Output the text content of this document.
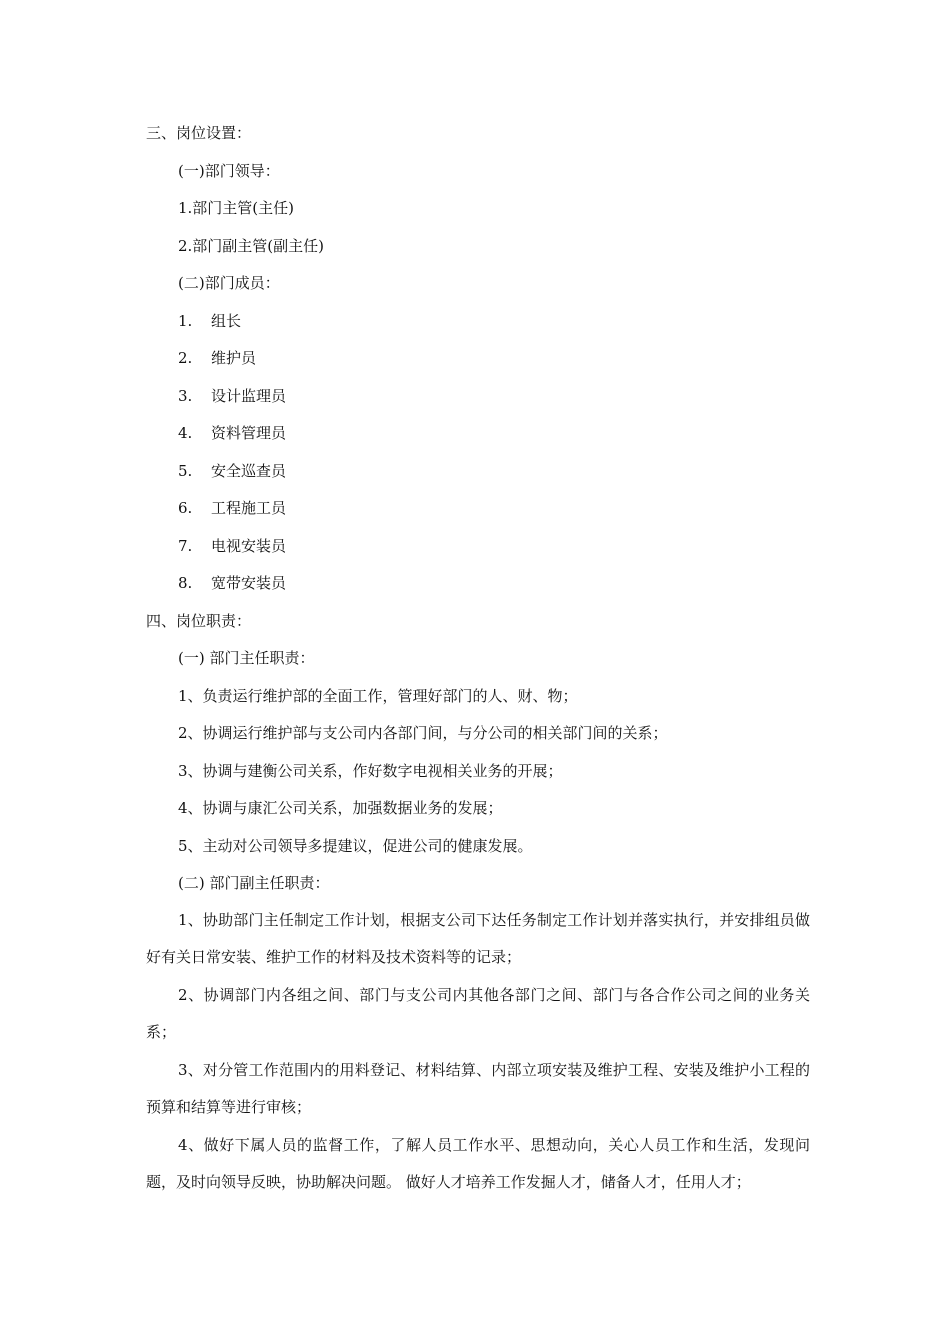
三、岗位设置：
(一)部门领导：
1.部门主管(主任)
2.部门副主管(副主任)
(二)部门成员：
1. 组长
2. 维护员
3. 设计监理员
4. 资料管理员
5. 安全巡查员
6. 工程施工员
7. 电视安装员
8. 宽带安装员
四、岗位职责：
(一) 部门主任职责：
1、负责运行维护部的全面工作，管理好部门的人、财、物；
2、协调运行维护部与支公司内各部门间，与分公司的相关部门间的关系；
3、协调与建衡公司关系，作好数字电视相关业务的开展；
4、协调与康汇公司关系，加强数据业务的发展；
5、主动对公司领导多提建议，促进公司的健康发展。
(二) 部门副主任职责：
1、协助部门主任制定工作计划，根据支公司下达任务制定工作计划并落实执行，并安排组员做好有关日常安装、维护工作的材料及技术资料等的记录；
2、协调部门内各组之间、部门与支公司内其他各部门之间、部门与各合作公司之间的业务关系；
3、对分管工作范围内的用料登记、材料结算、内部立项安装及维护工程、安装及维护小工程的预算和结算等进行审核；
4、做好下属人员的监督工作，了解人员工作水平、思想动向，关心人员工作和生活，发现问题，及时向领导反映，协助解决问题。 做好人才培养工作发掘人才，储备人才，任用人才；
